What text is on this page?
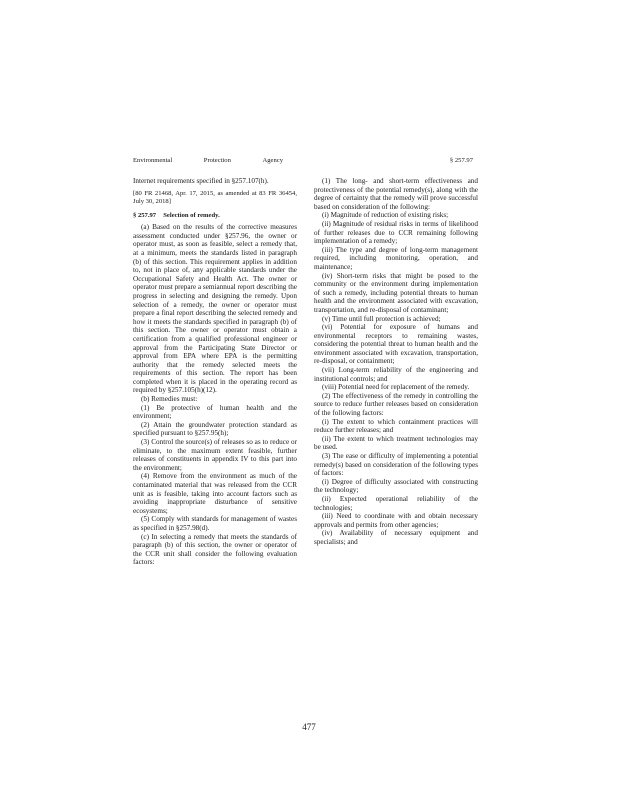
Environmental	Protection	Agency	§ 257.97

Internet requirements specified in §257.107(h).

[80 FR 21468, Apr. 17, 2015, as amended at 83 FR 36454, July 30, 2018]

§ 257.97 Selection of remedy.

(a) Based on the results of the corrective measures assessment conducted under §257.96, the owner or operator must, as soon as feasible, select a remedy that, at a minimum, meets the standards listed in paragraph (b) of this section. This requirement applies in addition to, not in place of, any applicable standards under the Occupational Safety and Health Act. The owner or operator must prepare a semiannual report describing the progress in selecting and designing the remedy. Upon selection of a remedy, the owner or operator must prepare a final report describing the selected remedy and how it meets the standards specified in paragraph (b) of this section. The owner or operator must obtain a certification from a qualified professional engineer or approval from the Participating State Director or approval from EPA where EPA is the permitting authority that the remedy selected meets the requirements of this section. The report has been completed when it is placed in the operating record as required by §257.105(h)(12).

(b) Remedies must:

(1) Be protective of human health and the environment;

(2) Attain the groundwater protection standard as specified pursuant to §257.95(h);

(3) Control the source(s) of releases so as to reduce or eliminate, to the maximum extent feasible, further releases of constituents in appendix IV to this part into the environment;

(4) Remove from the environment as much of the contaminated material that was released from the CCR unit as is feasible, taking into account factors such as avoiding inappropriate disturbance of sensitive ecosystems;

(5) Comply with standards for management of wastes as specified in §257.98(d).

(c) In selecting a remedy that meets the standards of paragraph (b) of this section, the owner or operator of the CCR unit shall consider the following evaluation factors:

(1) The long- and short-term effectiveness and protectiveness of the potential remedy(s), along with the degree of certainty that the remedy will prove successful based on consideration of the following:

(i) Magnitude of reduction of existing risks;

(ii) Magnitude of residual risks in terms of likelihood of further releases due to CCR remaining following implementation of a remedy;

(iii) The type and degree of long-term management required, including monitoring, operation, and maintenance;

(iv) Short-term risks that might be posed to the community or the environment during implementation of such a remedy, including potential threats to human health and the environment associated with excavation, transportation, and re-disposal of contaminant;

(v) Time until full protection is achieved;

(vi) Potential for exposure of humans and environmental receptors to remaining wastes, considering the potential threat to human health and the environment associated with excavation, transportation, re-disposal, or containment;

(vii) Long-term reliability of the engineering and institutional controls; and

(viii) Potential need for replacement of the remedy.

(2) The effectiveness of the remedy in controlling the source to reduce further releases based on consideration of the following factors:

(i) The extent to which containment practices will reduce further releases; and

(ii) The extent to which treatment technologies may be used.

(3) The ease or difficulty of implementing a potential remedy(s) based on consideration of the following types of factors:

(i) Degree of difficulty associated with constructing the technology;

(ii) Expected operational reliability of the technologies;

(iii) Need to coordinate with and obtain necessary approvals and permits from other agencies;

(iv) Availability of necessary equipment and specialists; and

477
